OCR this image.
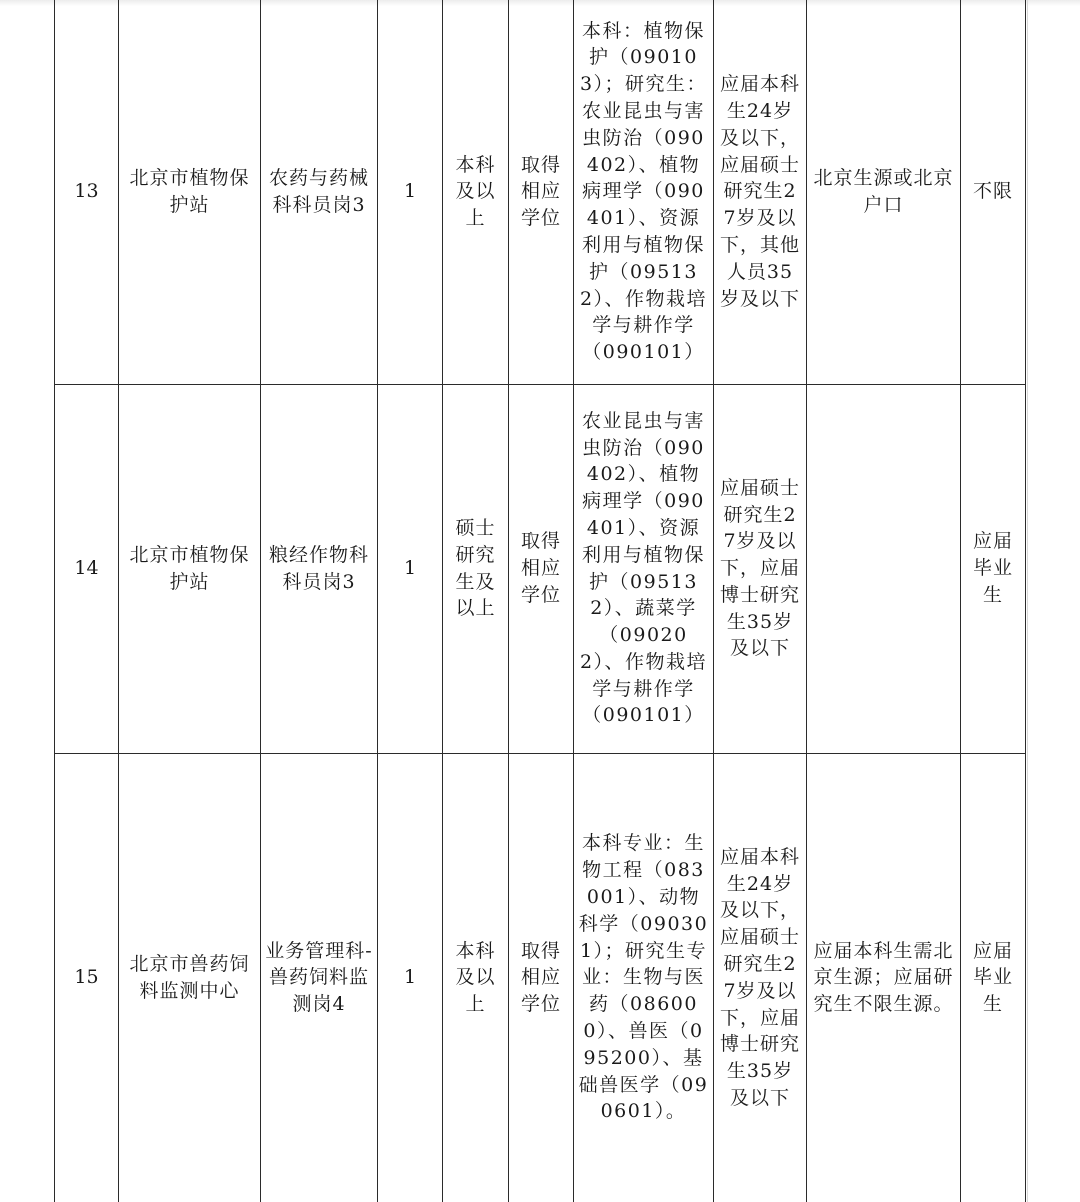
13	北京市植物保护站	农药与药械科科员岗3	1	本科及以上	取得相应学位	本科：植物保护（090103）；研究生：农业昆虫与害虫防治（090402）、植物病理学（090401）、资源利用与植物保护（095132）、作物栽培学与耕作学（090101）	应届本科生24岁及以下，应届硕士研究生27岁及以下，其他人员35岁及以下	北京生源或北京户口	不限
14	北京市植物保护站	粮经作物科科员岗3	1	硕士研究生及以上	取得相应学位	农业昆虫与害虫防治（090402）、植物病理学（090401）、资源利用与植物保护（095132）、蔬菜学（090202）、作物栽培学与耕作学（090101）	应届硕士研究生27岁及以下，应届博士研究生35岁及以下		应届毕业生
15	北京市兽药饲料监测中心	业务管理科-兽药饲料监测岗4	1	本科及以上	取得相应学位	本科专业：生物工程（083001）、动物科学（090301）；研究生专业：生物与医药（086000）、兽医（095200）、基础兽医学（090601）。	应届本科生24岁及以下，应届硕士研究生27岁及以下，应届博士研究生35岁及以下	应届本科生需北京生源；应届研究生不限生源。	应届毕业生
